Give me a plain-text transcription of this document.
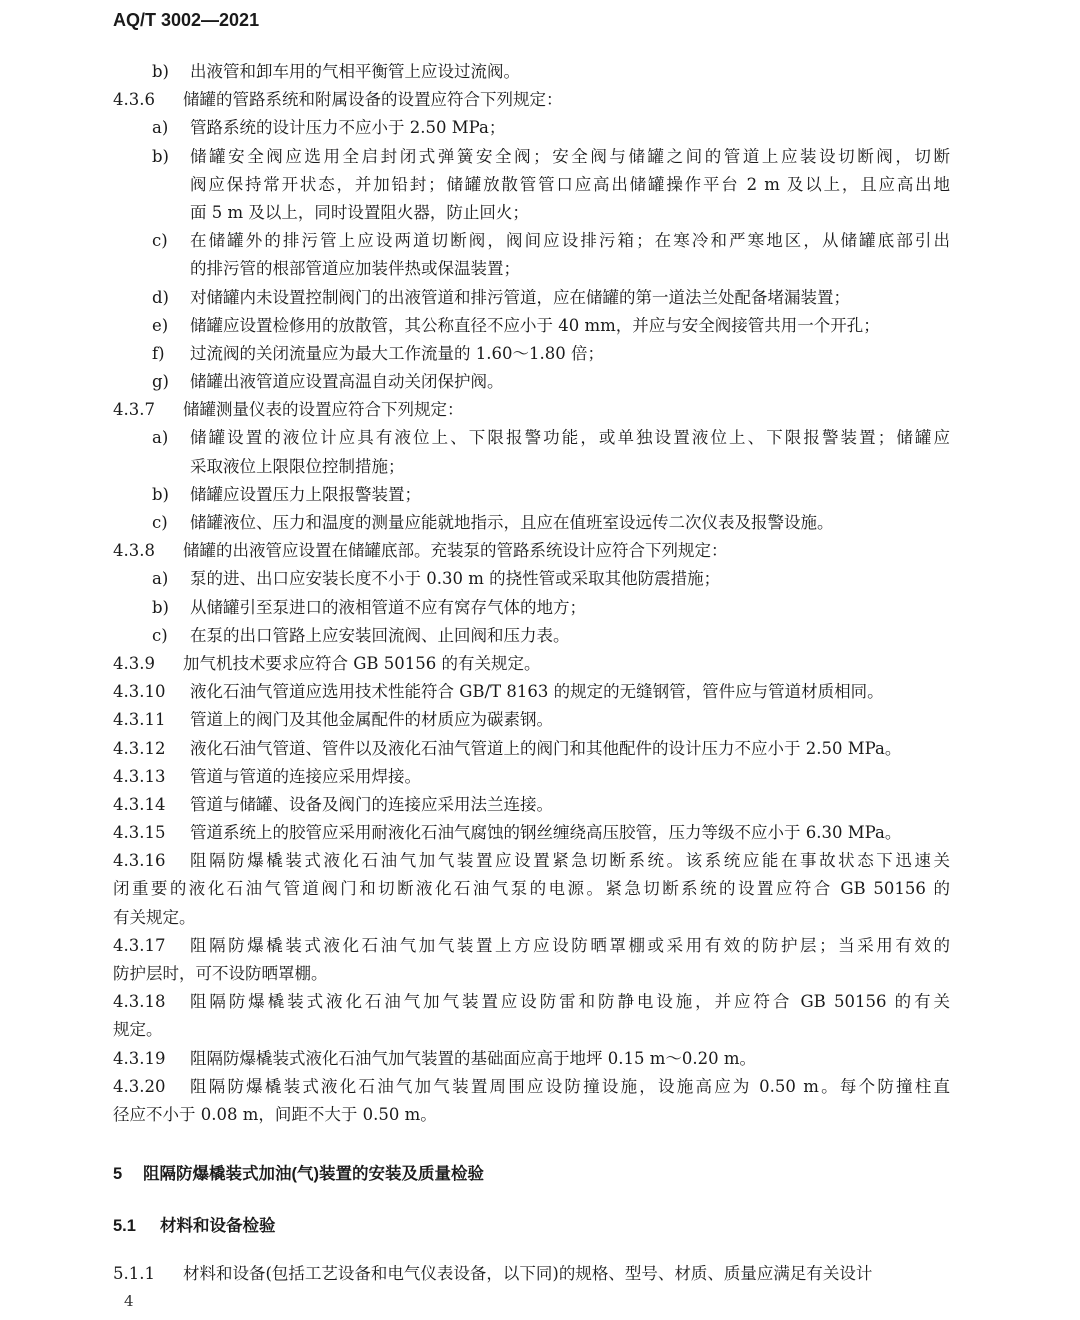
AQ/T 3002—2021
b) 出液管和卸车用的气相平衡管上应设过流阀。
4.3.6 储罐的管路系统和附属设备的设置应符合下列规定：
a) 管路系统的设计压力不应小于 2.50 MPa；
b) 储罐安全阀应选用全启封闭式弹簧安全阀；安全阀与储罐之间的管道上应装设切断阀，切断
阀应保持常开状态，并加铅封；储罐放散管管口应高出储罐操作平台 2 m 及以上，且应高出地
面 5 m 及以上，同时设置阻火器，防止回火；
c) 在储罐外的排污管上应设两道切断阀，阀间应设排污箱；在寒冷和严寒地区，从储罐底部引出
的排污管的根部管道应加装伴热或保温装置；
d) 对储罐内未设置控制阀门的出液管道和排污管道，应在储罐的第一道法兰处配备堵漏装置；
e) 储罐应设置检修用的放散管，其公称直径不应小于 40 mm，并应与安全阀接管共用一个开孔；
f) 过流阀的关闭流量应为最大工作流量的 1.60～1.80 倍；
g) 储罐出液管道应设置高温自动关闭保护阀。
4.3.7 储罐测量仪表的设置应符合下列规定：
a) 储罐设置的液位计应具有液位上、下限报警功能，或单独设置液位上、下限报警装置；储罐应
采取液位上限限位控制措施；
b) 储罐应设置压力上限报警装置；
c) 储罐液位、压力和温度的测量应能就地指示，且应在值班室设远传二次仪表及报警设施。
4.3.8 储罐的出液管应设置在储罐底部。充装泵的管路系统设计应符合下列规定：
a) 泵的进、出口应安装长度不小于 0.30 m 的挠性管或采取其他防震措施；
b) 从储罐引至泵进口的液相管道不应有窝存气体的地方；
c) 在泵的出口管路上应安装回流阀、止回阀和压力表。
4.3.9 加气机技术要求应符合 GB 50156 的有关规定。
4.3.10 液化石油气管道应选用技术性能符合 GB/T 8163 的规定的无缝钢管，管件应与管道材质相同。
4.3.11 管道上的阀门及其他金属配件的材质应为碳素钢。
4.3.12 液化石油气管道、管件以及液化石油气管道上的阀门和其他配件的设计压力不应小于 2.50 MPa。
4.3.13 管道与管道的连接应采用焊接。
4.3.14 管道与储罐、设备及阀门的连接应采用法兰连接。
4.3.15 管道系统上的胶管应采用耐液化石油气腐蚀的钢丝缠绕高压胶管，压力等级不应小于 6.30 MPa。
4.3.16 阻隔防爆橇装式液化石油气加气装置应设置紧急切断系统。该系统应能在事故状态下迅速关
闭重要的液化石油气管道阀门和切断液化石油气泵的电源。紧急切断系统的设置应符合 GB 50156 的
有关规定。
4.3.17 阻隔防爆橇装式液化石油气加气装置上方应设防晒罩棚或采用有效的防护层；当采用有效的
防护层时，可不设防晒罩棚。
4.3.18 阻隔防爆橇装式液化石油气加气装置应设防雷和防静电设施，并应符合 GB 50156 的有关
规定。
4.3.19 阻隔防爆橇装式液化石油气加气装置的基础面应高于地坪 0.15 m～0.20 m。
4.3.20 阻隔防爆橇装式液化石油气加气装置周围应设防撞设施，设施高应为 0.50 m。每个防撞柱直
径应不小于 0.08 m，间距不大于 0.50 m。
5 阻隔防爆橇装式加油(气)装置的安装及质量检验
5.1 材料和设备检验
5.1.1 材料和设备(包括工艺设备和电气仪表设备，以下同)的规格、型号、材质、质量应满足有关设计
4
